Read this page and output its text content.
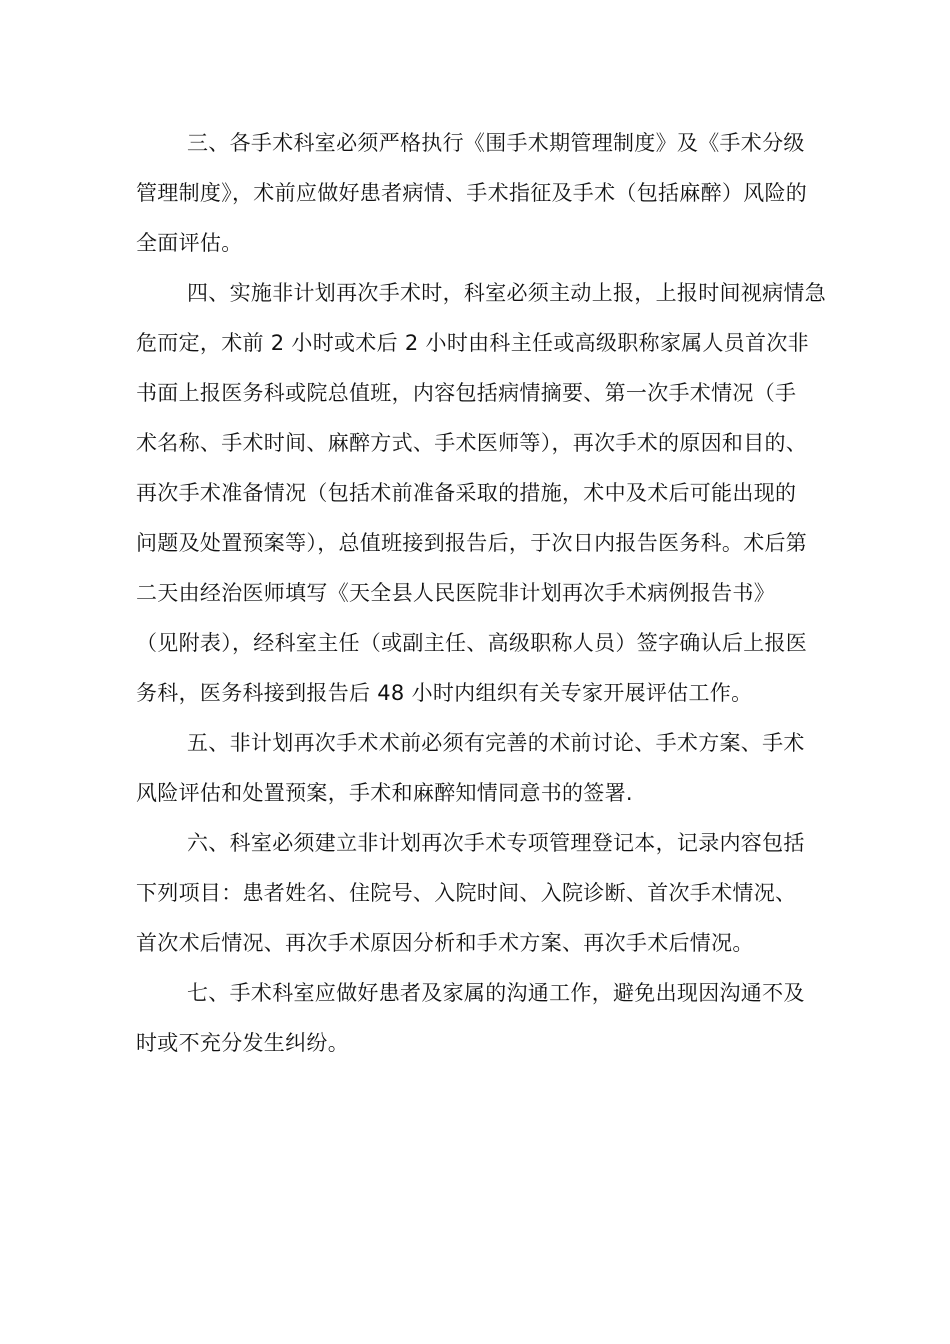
三、各手术科室必须严格执行《围手术期管理制度》及《手术分级
管理制度》，术前应做好患者病情、手术指征及手术（包括麻醉）风险的
全面评估。

四、实施非计划再次手术时，科室必须主动上报，上报时间视病情急
危而定，术前 2 小时或术后 2 小时由科主任或高级职称家属人员首次非
书面上报医务科或院总值班，内容包括病情摘要、第一次手术情况（手
术名称、手术时间、麻醉方式、手术医师等），再次手术的原因和目的、
再次手术准备情况（包括术前准备采取的措施，术中及术后可能出现的
问题及处置预案等），总值班接到报告后，于次日内报告医务科。术后第
二天由经治医师填写《天全县人民医院非计划再次手术病例报告书》
（见附表），经科室主任（或副主任、高级职称人员）签字确认后上报医
务科，医务科接到报告后 48 小时内组织有关专家开展评估工作。

五、非计划再次手术术前必须有完善的术前讨论、手术方案、手术
风险评估和处置预案，手术和麻醉知情同意书的签署.

六、科室必须建立非计划再次手术专项管理登记本，记录内容包括
下列项目：患者姓名、住院号、入院时间、入院诊断、首次手术情况、
首次术后情况、再次手术原因分析和手术方案、再次手术后情况。

七、手术科室应做好患者及家属的沟通工作，避免出现因沟通不及
时或不充分发生纠纷。
